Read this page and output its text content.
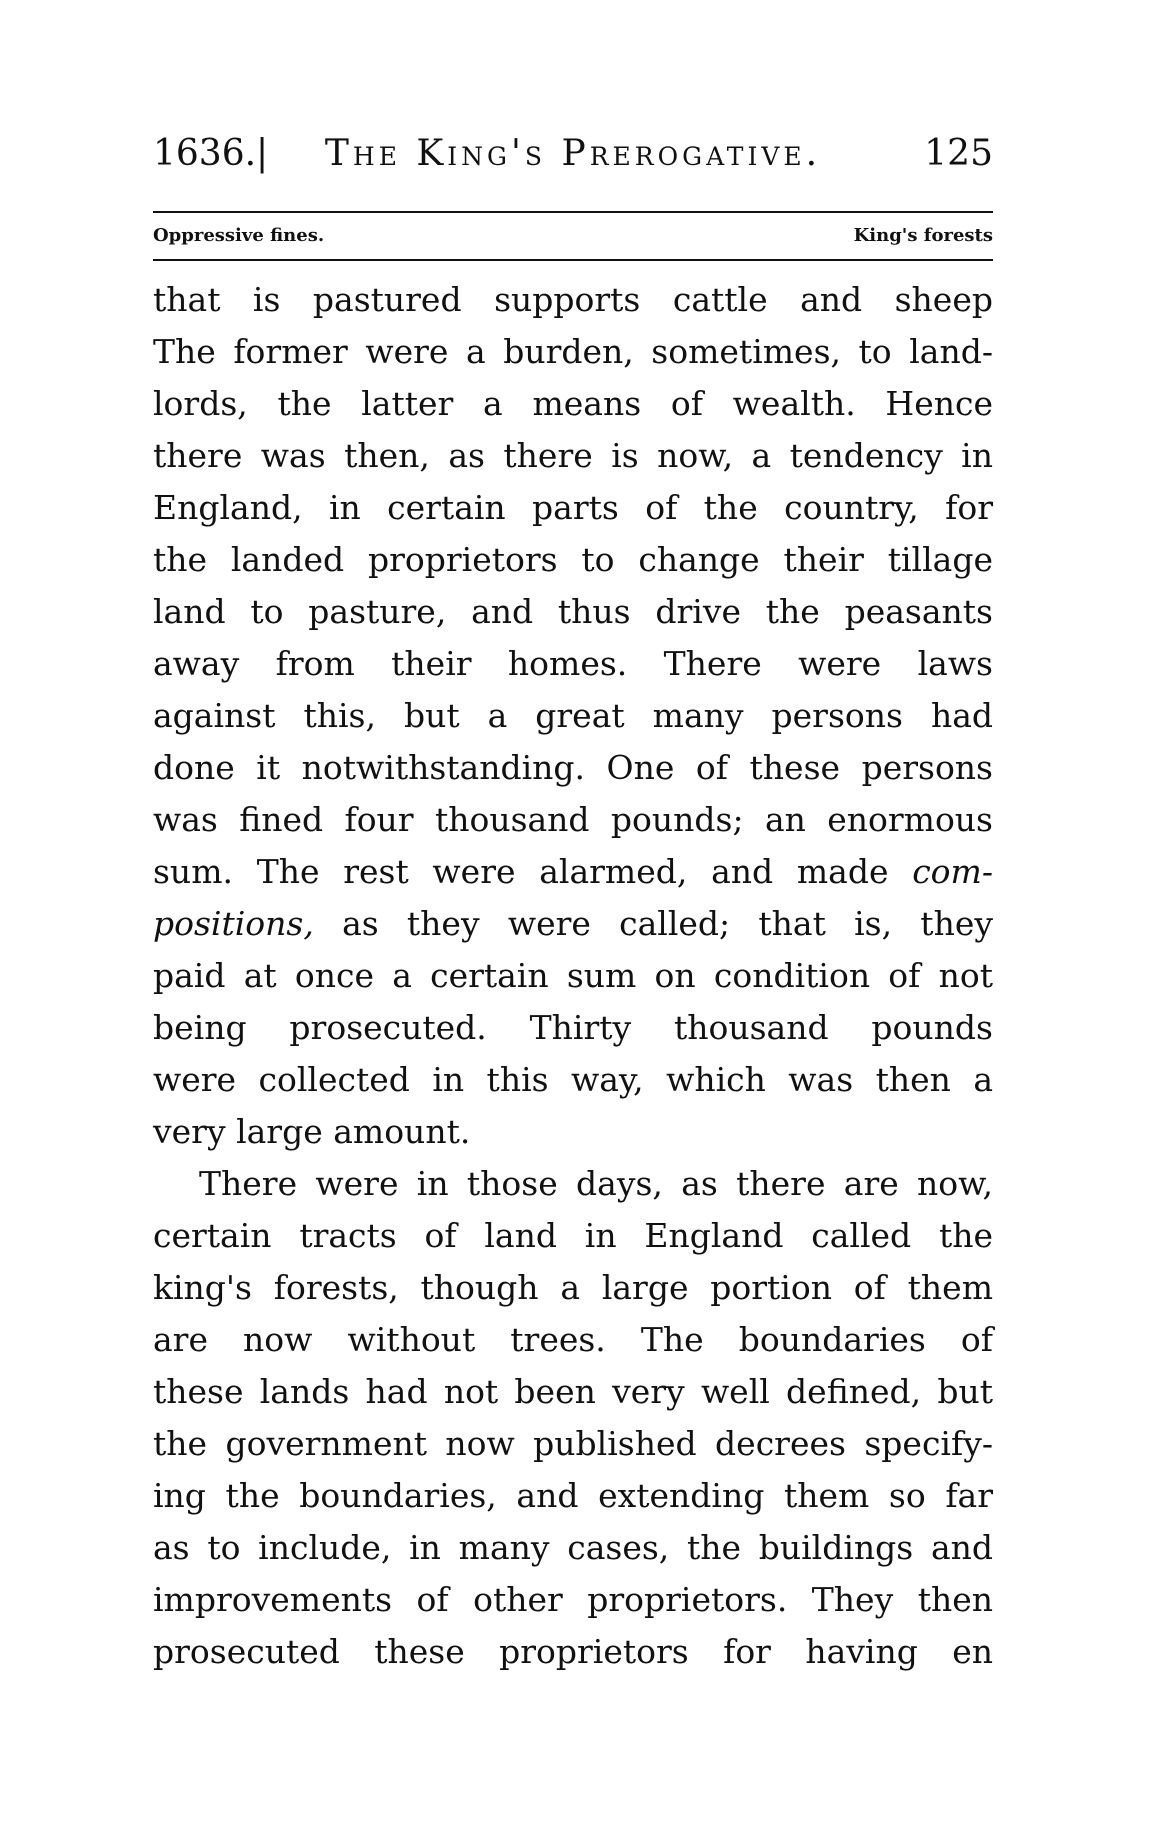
1636.|	The King's Prerogative.	125
Oppressive fines.	King's forests
that is pastured supports cattle and sheep
The former were a burden, sometimes, to land-
lords, the latter a means of wealth. Hence
there was then, as there is now, a tendency in
England, in certain parts of the country, for
the landed proprietors to change their tillage
land to pasture, and thus drive the peasants
away from their homes. There were laws
against this, but a great many persons had
done it notwithstanding. One of these persons
was fined four thousand pounds; an enormous
sum. The rest were alarmed, and made com-
positions, as they were called; that is, they
paid at once a certain sum on condition of not
being prosecuted. Thirty thousand pounds
were collected in this way, which was then a
very large amount.
There were in those days, as there are now,
certain tracts of land in England called the
king's forests, though a large portion of them
are now without trees. The boundaries of
these lands had not been very well defined, but
the government now published decrees specify-
ing the boundaries, and extending them so far
as to include, in many cases, the buildings and
improvements of other proprietors. They then
prosecuted these proprietors for having en
